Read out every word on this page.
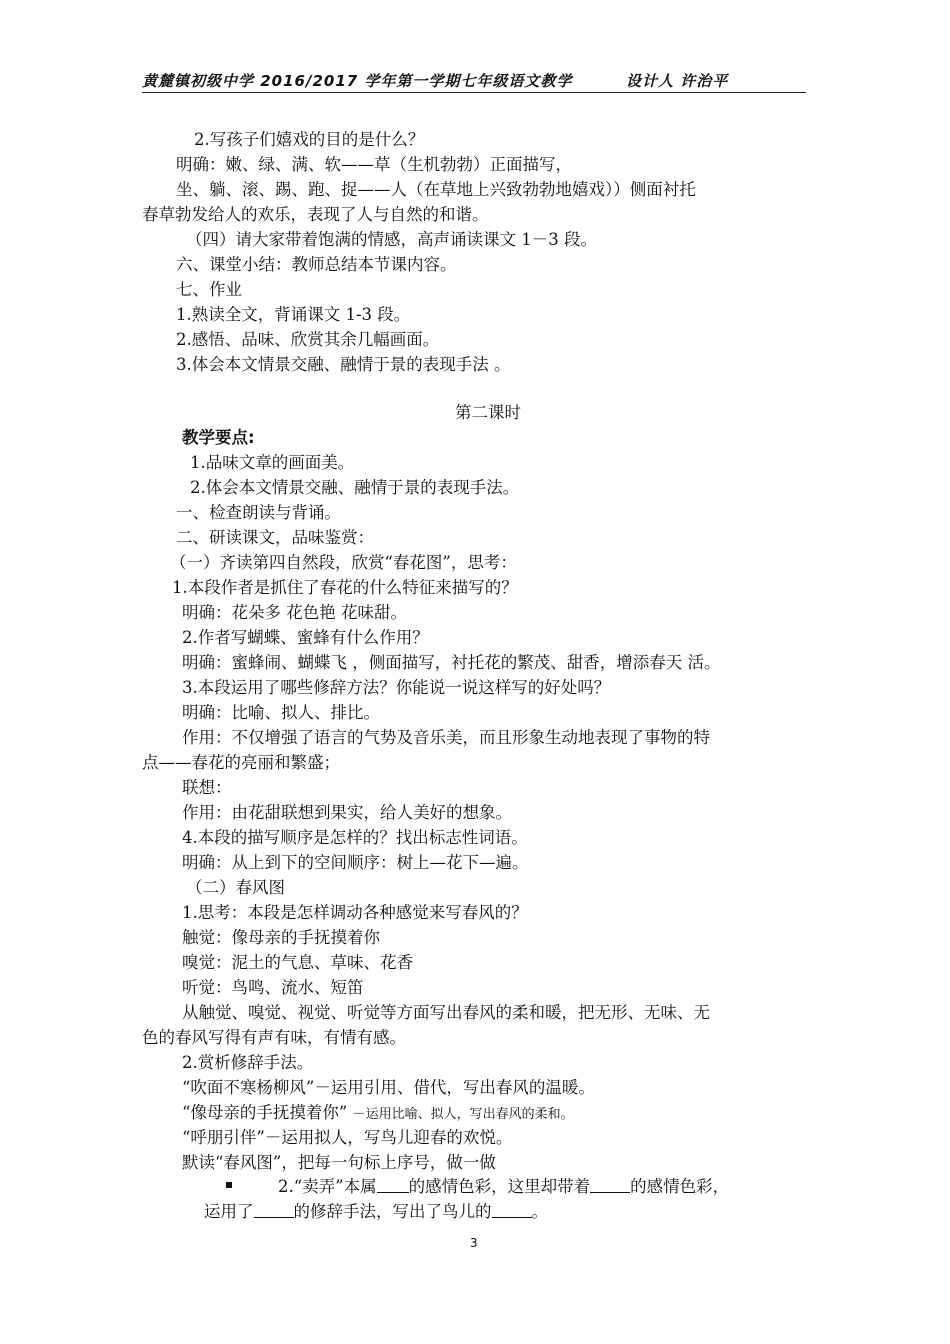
黄麓镇初级中学 2016/2017 学年第一学期七年级语文教学	设计人 许治平
2.写孩子们嬉戏的目的是什么？
明确：嫩、绿、满、软——草（生机勃勃）正面描写，
坐、躺、滚、踢、跑、捉——人（在草地上兴致勃勃地嬉戏））侧面衬托
春草勃发给人的欢乐，表现了人与自然的和谐。
（四）请大家带着饱满的情感，高声诵读课文 1－3 段。
六、课堂小结：教师总结本节课内容。
七、作业
1.熟读全文，背诵课文 1-3 段。
2.感悟、品味、欣赏其余几幅画面。
3.体会本文情景交融、融情于景的表现手法 。
第二课时
教学要点:
1.品味文章的画面美。
2.体会本文情景交融、融情于景的表现手法。
一、检查朗读与背诵。
二、研读课文，品味鉴赏：
（一）齐读第四自然段，欣赏“春花图”，思考：
1.本段作者是抓住了春花的什么特征来描写的？
明确：花朵多 花色艳 花味甜。
2.作者写蝴蝶、蜜蜂有什么作用？
明确：蜜蜂闹、蝴蝶飞 ，侧面描写，衬托花的繁茂、甜香，增添春天 活。
3.本段运用了哪些修辞方法？你能说一说这样写的好处吗？
明确：比喻、拟人、排比。
作用：不仅增强了语言的气势及音乐美，而且形象生动地表现了事物的特
点——春花的亮丽和繁盛；
联想：
作用：由花甜联想到果实，给人美好的想象。
4.本段的描写顺序是怎样的？找出标志性词语。
明确：从上到下的空间顺序：树上—花下—遍。
（二）春风图
1.思考：本段是怎样调动各种感觉来写春风的？
触觉：像母亲的手抚摸着你
嗅觉：泥土的气息、草味、花香
听觉：鸟鸣、流水、短笛
从触觉、嗅觉、视觉、听觉等方面写出春风的柔和暖，把无形、无味、无
色的春风写得有声有味，有情有感。
2.赏析修辞手法。
“吹面不寒杨柳风”－运用引用、借代，写出春风的温暖。
“像母亲的手抚摸着你” －运用比喻、拟人，写出春风的柔和。
“呼朋引伴”－运用拟人，写鸟儿迎春的欢悦。
默读“春风图”，把每一句标上序号，做一做
2.“卖弄”本属 的感情色彩，这里却带着 的感情色彩，
运用了 的修辞手法，写出了鸟儿的 。
3
